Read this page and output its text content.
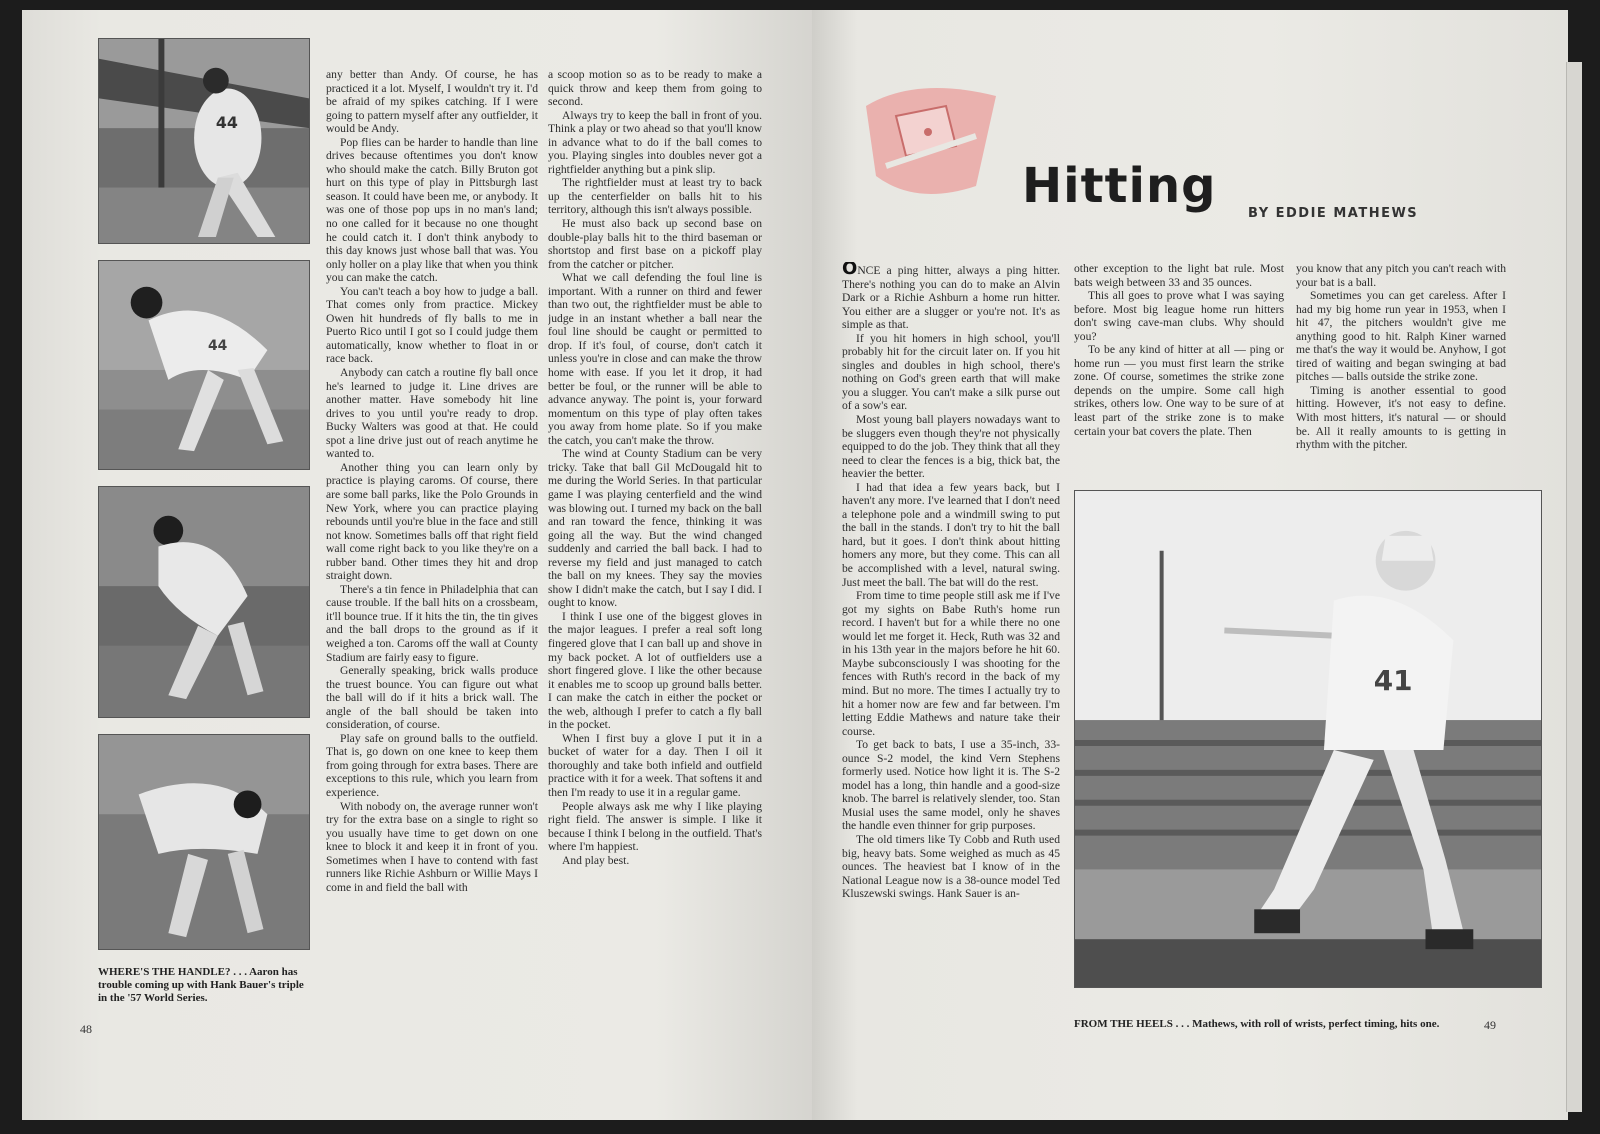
44
44
WHERE'S THE HANDLE? . . . Aaron has trouble coming up with Hank Bauer's triple in the '57 World Series.
48

any better than Andy. Of course, he has practiced it a lot. Myself, I wouldn't try it. I'd be afraid of my spikes catching. If I were going to pattern myself after any outfielder, it would be Andy.

Pop flies can be harder to handle than line drives because oftentimes you don't know who should make the catch. Billy Bruton got hurt on this type of play in Pittsburgh last season. It could have been me, or anybody. It was one of those pop ups in no man's land; no one called for it because no one thought he could catch it. I don't think anybody to this day knows just whose ball that was. You only holler on a play like that when you think you can make the catch.

You can't teach a boy how to judge a ball. That comes only from practice. Mickey Owen hit hundreds of fly balls to me in Puerto Rico until I got so I could judge them automatically, know whether to float in or race back.

Anybody can catch a routine fly ball once he's learned to judge it. Line drives are another matter. Have somebody hit line drives to you until you're ready to drop. Bucky Walters was good at that. He could spot a line drive just out of reach anytime he wanted to.

Another thing you can learn only by practice is playing caroms. Of course, there are some ball parks, like the Polo Grounds in New York, where you can practice playing rebounds until you're blue in the face and still not know. Sometimes balls off that right field wall come right back to you like they're on a rubber band. Other times they hit and drop straight down.

There's a tin fence in Philadelphia that can cause trouble. If the ball hits on a crossbeam, it'll bounce true. If it hits the tin, the tin gives and the ball drops to the ground as if it weighed a ton. Caroms off the wall at County Stadium are fairly easy to figure.

Generally speaking, brick walls produce the truest bounce. You can figure out what the ball will do if it hits a brick wall. The angle of the ball should be taken into consideration, of course.

Play safe on ground balls to the outfield. That is, go down on one knee to keep them from going through for extra bases. There are exceptions to this rule, which you learn from experience.

With nobody on, the average runner won't try for the extra base on a single to right so you usually have time to get down on one knee to block it and keep it in front of you. Sometimes when I have to contend with fast runners like Richie Ashburn or Willie Mays I come in and field the ball with

a scoop motion so as to be ready to make a quick throw and keep them from going to second.

Always try to keep the ball in front of you. Think a play or two ahead so that you'll know in advance what to do if the ball comes to you. Playing singles into doubles never got a rightfielder anything but a pink slip.

The rightfielder must at least try to back up the centerfielder on balls hit to his territory, although this isn't always possible.

He must also back up second base on double-play balls hit to the third baseman or shortstop and first base on a pickoff play from the catcher or pitcher.

What we call defending the foul line is important. With a runner on third and fewer than two out, the rightfielder must be able to judge in an instant whether a ball near the foul line should be caught or permitted to drop. If it's foul, of course, don't catch it unless you're in close and can make the throw home with ease. If you let it drop, it had better be foul, or the runner will be able to advance anyway. The point is, your forward momentum on this type of play often takes you away from home plate. So if you make the catch, you can't make the throw.

The wind at County Stadium can be very tricky. Take that ball Gil McDougald hit to me during the World Series. In that particular game I was playing centerfield and the wind was blowing out. I turned my back on the ball and ran toward the fence, thinking it was going all the way. But the wind changed suddenly and carried the ball back. I had to reverse my field and just managed to catch the ball on my knees. They say the movies show I didn't make the catch, but I say I did. I ought to know.

I think I use one of the biggest gloves in the major leagues. I prefer a real soft long fingered glove that I can ball up and shove in my back pocket. A lot of outfielders use a short fingered glove. I like the other because it enables me to scoop up ground balls better. I can make the catch in either the pocket or the web, although I prefer to catch a fly ball in the pocket.

When I first buy a glove I put it in a bucket of water for a day. Then I oil it thoroughly and take both infield and outfield practice with it for a week. That softens it and then I'm ready to use it in a regular game.

People always ask me why I like playing right field. The answer is simple. I like it because I think I belong in the outfield. That's where I'm happiest.

And play best.

Hitting BY EDDIE MATHEWS

ONCE a ping hitter, always a ping hitter. There's nothing you can do to make an Alvin Dark or a Richie Ashburn a home run hitter. You either are a slugger or you're not. It's as simple as that.

If you hit homers in high school, you'll probably hit for the circuit later on. If you hit singles and doubles in high school, there's nothing on God's green earth that will make you a slugger. You can't make a silk purse out of a sow's ear.

Most young ball players nowadays want to be sluggers even though they're not physically equipped to do the job. They think that all they need to clear the fences is a big, thick bat, the heavier the better.

I had that idea a few years back, but I haven't any more. I've learned that I don't need a telephone pole and a windmill swing to put the ball in the stands. I don't try to hit the ball hard, but it goes. I don't think about hitting homers any more, but they come. This can all be accomplished with a level, natural swing. Just meet the ball. The bat will do the rest.

From time to time people still ask me if I've got my sights on Babe Ruth's home run record. I haven't but for a while there no one would let me forget it. Heck, Ruth was 32 and in his 13th year in the majors before he hit 60. Maybe subconsciously I was shooting for the fences with Ruth's record in the back of my mind. But no more. The times I actually try to hit a homer now are few and far between. I'm letting Eddie Mathews and nature take their course.

To get back to bats, I use a 35-inch, 33-ounce S-2 model, the kind Vern Stephens formerly used. Notice how light it is. The S-2 model has a long, thin handle and a good-size knob. The barrel is relatively slender, too. Stan Musial uses the same model, only he shaves the handle even thinner for grip purposes.

The old timers like Ty Cobb and Ruth used big, heavy bats. Some weighed as much as 45 ounces. The heaviest bat I know of in the National League now is a 38-ounce model Ted Kluszewski swings. Hank Sauer is an-

other exception to the light bat rule. Most bats weigh between 33 and 35 ounces.

This all goes to prove what I was saying before. Most big league home run hitters don't swing cave-man clubs. Why should you?

To be any kind of hitter at all — ping or home run — you must first learn the strike zone. Of course, sometimes the strike zone depends on the umpire. Some call high strikes, others low. One way to be sure of at least part of the strike zone is to make certain your bat covers the plate. Then

you know that any pitch you can't reach with your bat is a ball.

Sometimes you can get careless. After I had my big home run year in 1953, when I hit 47, the pitchers wouldn't give me anything good to hit. Ralph Kiner warned me that's the way it would be. Anyhow, I got tired of waiting and began swinging at bad pitches — balls outside the strike zone.

Timing is another essential to good hitting. However, it's not easy to define. With most hitters, it's natural — or should be. All it really amounts to is getting in rhythm with the pitcher.

41
FROM THE HEELS . . . Mathews, with roll of wrists, perfect timing, hits one.	49
